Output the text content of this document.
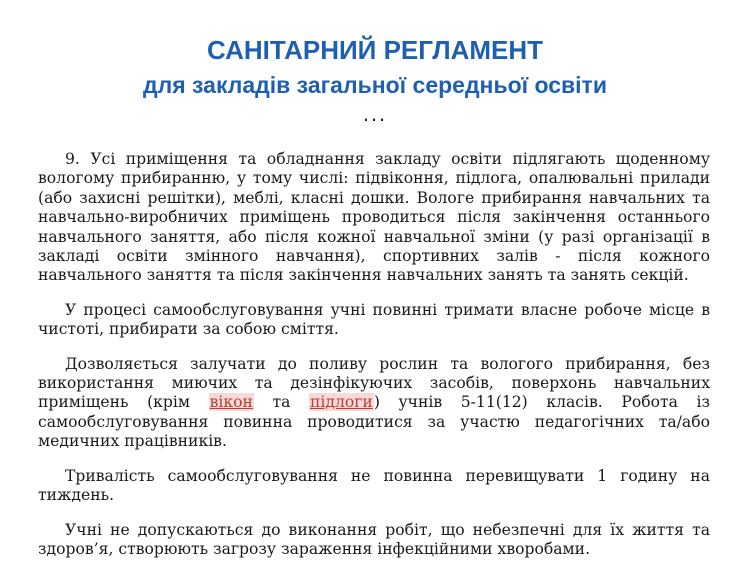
САНІТАРНИЙ РЕГЛАМЕНТ
для закладів загальної середньої освіти
...

9. Усі приміщення та обладнання закладу освіти підлягають щоденному вологому прибиранню, у тому числі: підвіконня, підлога, опалювальні прилади (або захисні решітки), меблі, класні дошки. Вологе прибирання навчальних та навчально-виробничих приміщень проводиться після закінчення останнього навчального заняття, або після кожної навчальної зміни (у разі організації в закладі освіти змінного навчання), спортивних залів - після кожного навчального заняття та після закінчення навчальних занять та занять секцій.

У процесі самообслуговування учні повинні тримати власне робоче місце в чистоті, прибирати за собою сміття.

Дозволяється залучати до поливу рослин та вологого прибирання, без використання миючих та дезінфікуючих засобів, поверхонь навчальних приміщень (крім вікон та підлоги) учнів 5-11(12) класів. Робота із самообслуговування повинна проводитися за участю педагогічних та/або медичних працівників.

Тривалість самообслуговування не повинна перевищувати 1 годину на тиждень.

Учні не допускаються до виконання робіт, що небезпечні для їх життя та здоров’я, створюють загрозу зараження інфекційними хворобами.
